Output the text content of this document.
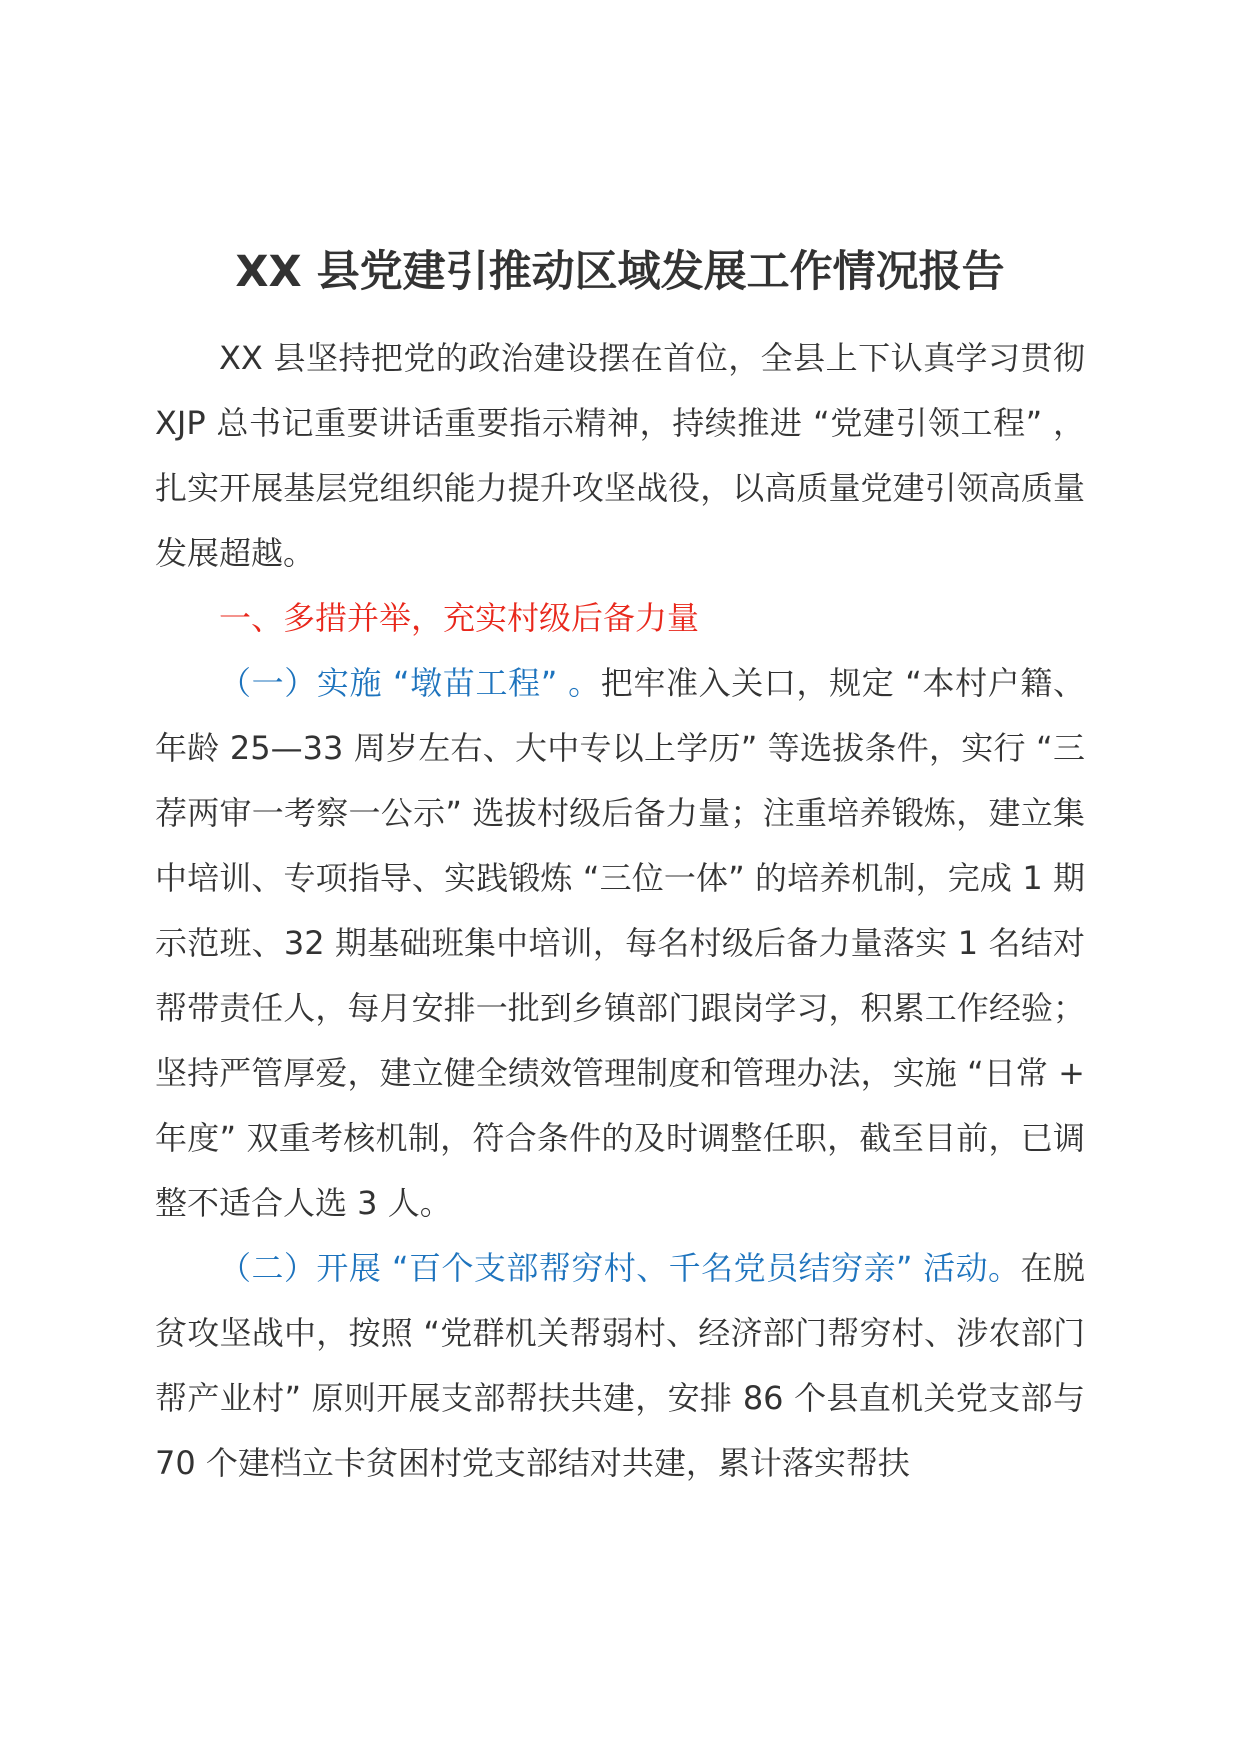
XX 县党建引推动区域发展工作情况报告

XX 县坚持把党的政治建设摆在首位，全县上下认真学习贯彻 XJP 总书记重要讲话重要指示精神，持续推进 “党建引领工程” ，扎实开展基层党组织能力提升攻坚战役，以高质量党建引领高质量发展超越。

一、多措并举，充实村级后备力量

（一）实施 “墩苗工程” 。把牢准入关口，规定 “本村户籍、年龄 25—33 周岁左右、大中专以上学历” 等选拔条件，实行 “三荐两审一考察一公示” 选拔村级后备力量；注重培养锻炼，建立集中培训、专项指导、实践锻炼 “三位一体” 的培养机制，完成 1 期示范班、32 期基础班集中培训，每名村级后备力量落实 1 名结对帮带责任人，每月安排一批到乡镇部门跟岗学习，积累工作经验；坚持严管厚爱，建立健全绩效管理制度和管理办法，实施 “日常 + 年度” 双重考核机制，符合条件的及时调整任职，截至目前，已调整不适合人选 3 人。

（二）开展 “百个支部帮穷村、千名党员结穷亲” 活动。在脱贫攻坚战中，按照 “党群机关帮弱村、经济部门帮穷村、涉农部门帮产业村” 原则开展支部帮扶共建，安排 86 个县直机关党支部与 70 个建档立卡贫困村党支部结对共建，累计落实帮扶
